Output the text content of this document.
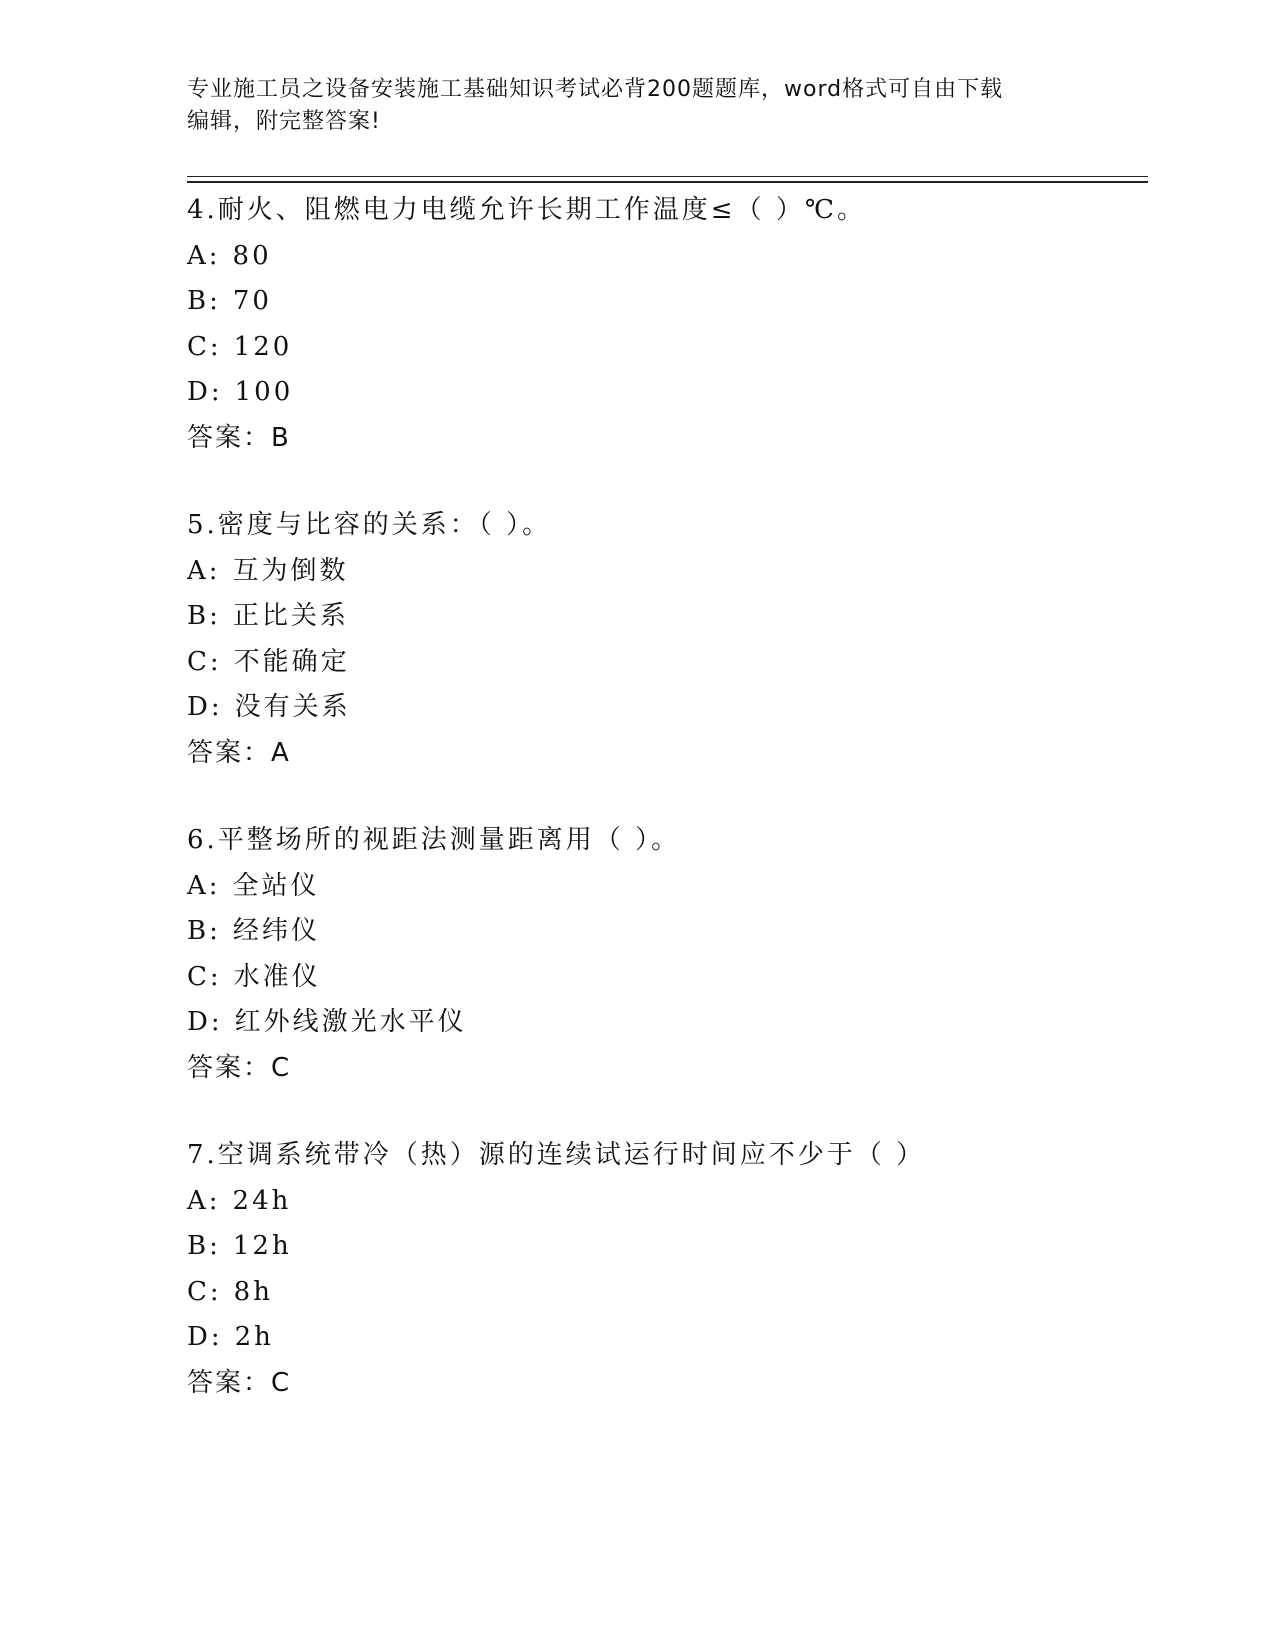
专业施工员之设备安装施工基础知识考试必背200题题库，word格式可自由下载
编辑，附完整答案!
4.耐火、阻燃电力电缆允许长期工作温度≤（ ）℃。
A: 80
B: 70
C: 120
D: 100
答案：B
5.密度与比容的关系：（ ）。
A: 互为倒数
B: 正比关系
C: 不能确定
D: 没有关系
答案：A
6.平整场所的视距法测量距离用（ ）。
A: 全站仪
B: 经纬仪
C: 水准仪
D: 红外线激光水平仪
答案：C
7.空调系统带冷（热）源的连续试运行时间应不少于（ ）
A: 24h
B: 12h
C: 8h
D: 2h
答案：C
